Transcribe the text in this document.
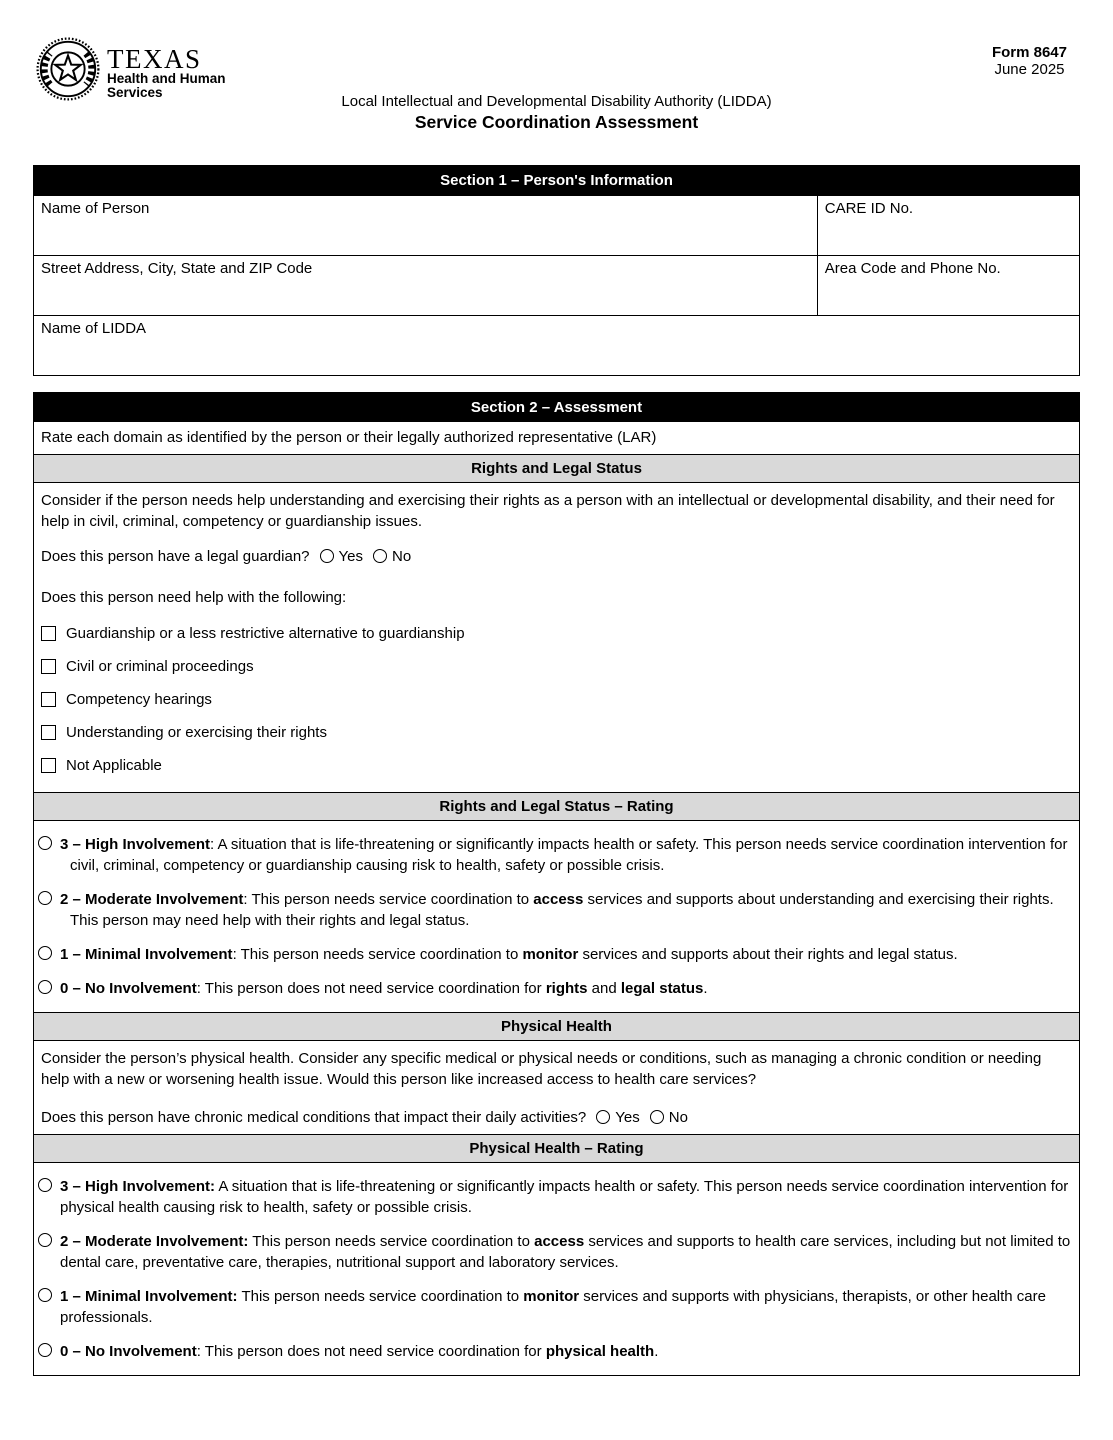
TEXAS
Health and Human
Services
Form 8647
June 2025
Local Intellectual and Developmental Disability Authority (LIDDA)
Service Coordination Assessment
Section 1 – Person's Information
Name of Person	CARE ID No.
Street Address, City, State and ZIP Code	Area Code and Phone No.
Name of LIDDA
Section 2 – Assessment
Rate each domain as identified by the person or their legally authorized representative (LAR)
Rights and Legal Status

Consider if the person needs help understanding and exercising their rights as a person with an intellectual or developmental disability, and their need for help in civil, criminal, competency or guardianship issues.

Does this person have a legal guardian? Yes No
Does this person need help with the following:
Guardianship or a less restrictive alternative to guardianship
Civil or criminal proceedings
Competency hearings
Understanding or exercising their rights
Not Applicable
Rights and Legal Status – Rating

3 – High Involvement: A situation that is life-threatening or significantly impacts health or safety. This person needs service coordination intervention for civil, criminal, competency or guardianship causing risk to health, safety or possible crisis.

2 – Moderate Involvement: This person needs service coordination to access services and supports about understanding and exercising their rights. This person may need help with their rights and legal status.

1 – Minimal Involvement: This person needs service coordination to monitor services and supports about their rights and legal status.

0 – No Involvement: This person does not need service coordination for rights and legal status.

Physical Health

Consider the person’s physical health. Consider any specific medical or physical needs or conditions, such as managing a chronic condition or needing help with a new or worsening health issue. Would this person like increased access to health care services?

Does this person have chronic medical conditions that impact their daily activities? Yes No
Physical Health – Rating

3 – High Involvement: A situation that is life-threatening or significantly impacts health or safety. This person needs service coordination intervention for physical health causing risk to health, safety or possible crisis.

2 – Moderate Involvement: This person needs service coordination to access services and supports to health care services, including but not limited to dental care, preventative care, therapies, nutritional support and laboratory services.

1 – Minimal Involvement: This person needs service coordination to monitor services and supports with physicians, therapists, or other health care professionals.

0 – No Involvement: This person does not need service coordination for physical health.
